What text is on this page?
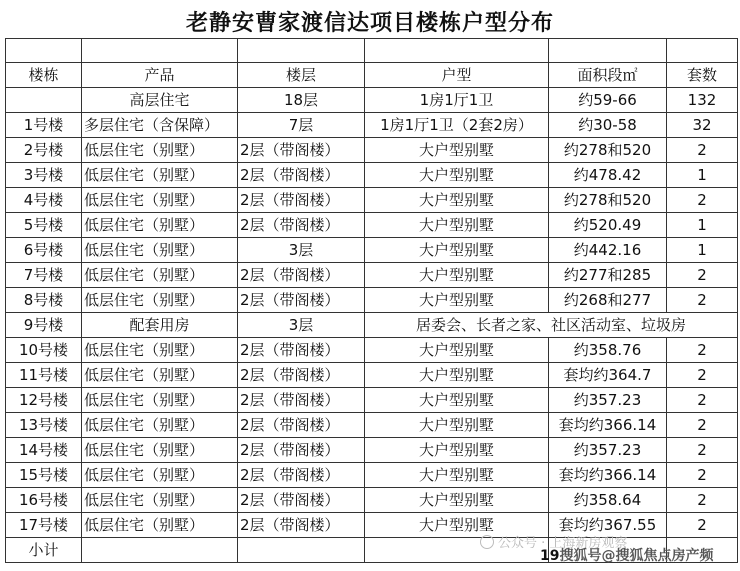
老静安曹家渡信达项目楼栋户型分布

楼栋	产品	楼层	户型	面积段㎡	套数
	高层住宅	18层	1房1厅1卫	约59-66	132
1号楼	多层住宅（含保障）	7层	1房1厅1卫（2套2房）	约30-58	32
2号楼	低层住宅（别墅）	2层（带阁楼）	大户型别墅	约278和520	2
3号楼	低层住宅（别墅）	2层（带阁楼）	大户型别墅	约478.42	1
4号楼	低层住宅（别墅）	2层（带阁楼）	大户型别墅	约278和520	2
5号楼	低层住宅（别墅）	2层（带阁楼）	大户型别墅	约520.49	1
6号楼	低层住宅（别墅）	3层	大户型别墅	约442.16	1
7号楼	低层住宅（别墅）	2层（带阁楼）	大户型别墅	约277和285	2
8号楼	低层住宅（别墅）	2层（带阁楼）	大户型别墅	约268和277	2
9号楼	配套用房	3层	居委会、长者之家、社区活动室、垃圾房		
10号楼	低层住宅（别墅）	2层（带阁楼）	大户型别墅	约358.76	2
11号楼	低层住宅（别墅）	2层（带阁楼）	大户型别墅	套均约364.7	2
12号楼	低层住宅（别墅）	2层（带阁楼）	大户型别墅	约357.23	2
13号楼	低层住宅（别墅）	2层（带阁楼）	大户型别墅	套均约366.14	2
14号楼	低层住宅（别墅）	2层（带阁楼）	大户型别墅	约357.23	2
15号楼	低层住宅（别墅）	2层（带阁楼）	大户型别墅	套均约366.14	2
16号楼	低层住宅（别墅）	2层（带阁楼）	大户型别墅	约358.64	2
17号楼	低层住宅（别墅）	2层（带阁楼）	大户型别墅	套均约367.55	2
小计						公众号 · 上海新房观察
19搜狐号@搜狐焦点房产频
